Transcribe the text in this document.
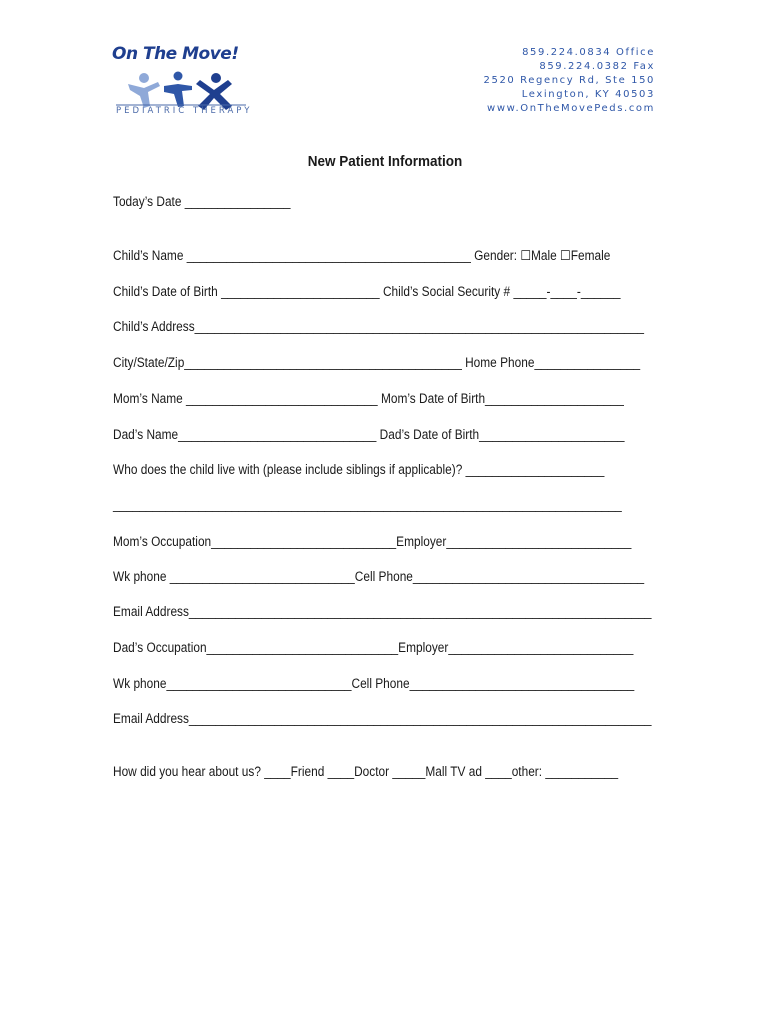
On The Move!
PEDIATRIC THERAPY
859.224.0834 Office
859.224.0382 Fax
2520 Regency Rd, Ste 150
Lexington, KY 40503
www.OnTheMovePeds.com
New Patient Information
Today’s Date ________________
Child’s Name ___________________________________________ Gender: ☐Male ☐Female
Child’s Date of Birth ________________________ Child’s Social Security # _____-____-______
Child’s Address____________________________________________________________________
City/State/Zip__________________________________________ Home Phone________________
Mom’s Name _____________________________ Mom’s Date of Birth_____________________
Dad’s Name______________________________ Dad’s Date of Birth______________________
Who does the child live with (please include siblings if applicable)? _____________________
_____________________________________________________________________________
Mom’s Occupation____________________________Employer____________________________
Wk phone ____________________________Cell Phone___________________________________
Email Address______________________________________________________________________
Dad’s Occupation_____________________________Employer____________________________
Wk phone____________________________Cell Phone__________________________________
Email Address______________________________________________________________________
How did you hear about us? ____Friend ____Doctor _____Mall TV ad ____other: ___________
